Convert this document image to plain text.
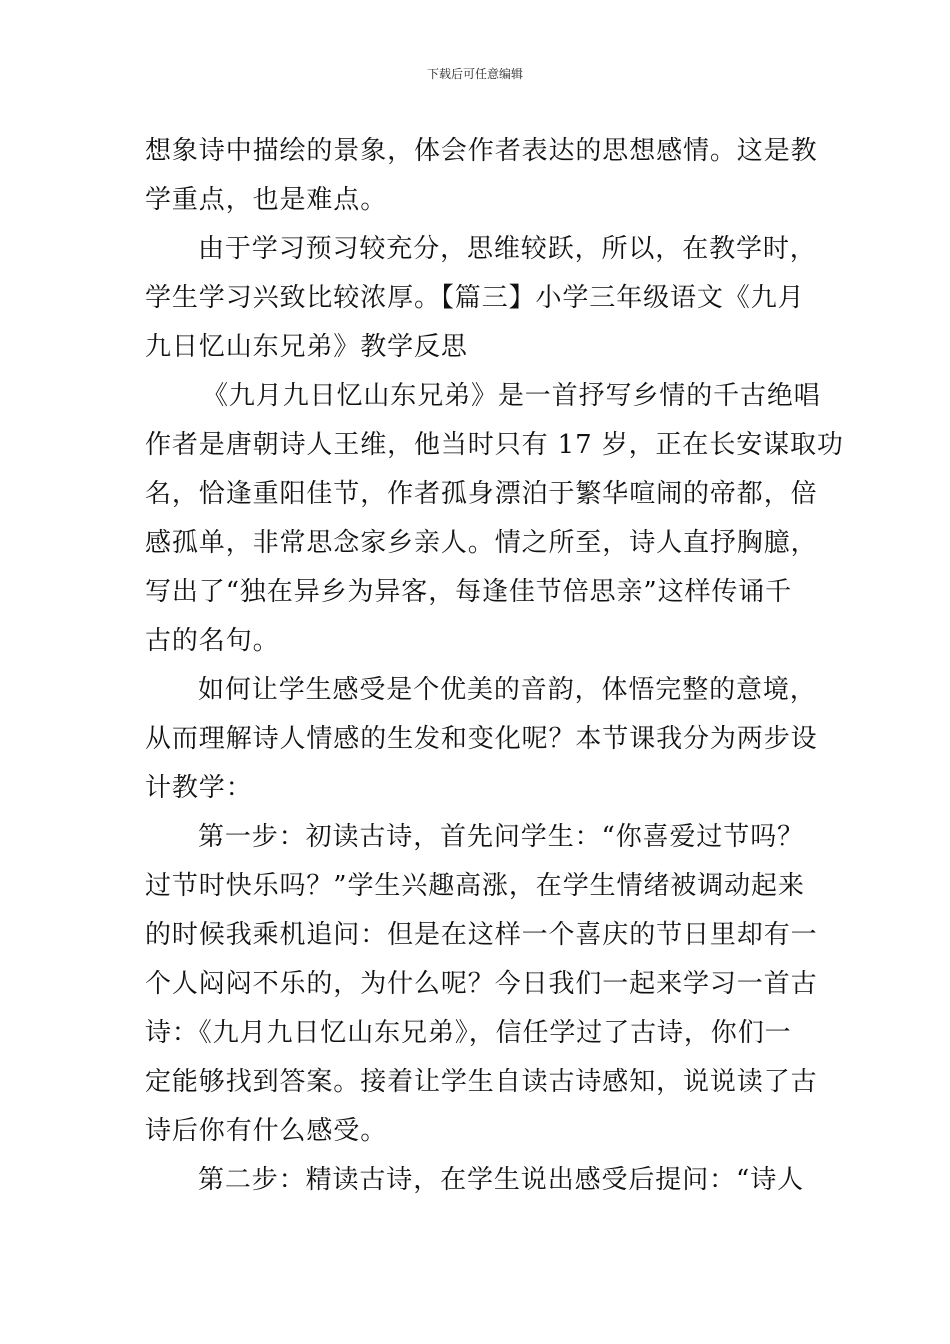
下载后可任意编辑
想象诗中描绘的景象，体会作者表达的思想感情。这是教
学重点，也是难点。
由于学习预习较充分，思维较跃，所以，在教学时，
学生学习兴致比较浓厚。【篇三】小学三年级语文《九月
九日忆山东兄弟》教学反思
《九月九日忆山东兄弟》是一首抒写乡情的千古绝唱
作者是唐朝诗人王维，他当时只有 17 岁，正在长安谋取功
名，恰逢重阳佳节，作者孤身漂泊于繁华喧闹的帝都，倍
感孤单，非常思念家乡亲人。情之所至，诗人直抒胸臆，
写出了“独在异乡为异客，每逢佳节倍思亲”这样传诵千
古的名句。
如何让学生感受是个优美的音韵，体悟完整的意境，
从而理解诗人情感的生发和变化呢？本节课我分为两步设
计教学：
第一步：初读古诗，首先问学生：“你喜爱过节吗？
过节时快乐吗？”学生兴趣高涨，在学生情绪被调动起来
的时候我乘机追问：但是在这样一个喜庆的节日里却有一
个人闷闷不乐的，为什么呢？今日我们一起来学习一首古
诗：《九月九日忆山东兄弟》，信任学过了古诗，你们一
定能够找到答案。接着让学生自读古诗感知，说说读了古
诗后你有什么感受。
第二步：精读古诗，在学生说出感受后提问：“诗人
